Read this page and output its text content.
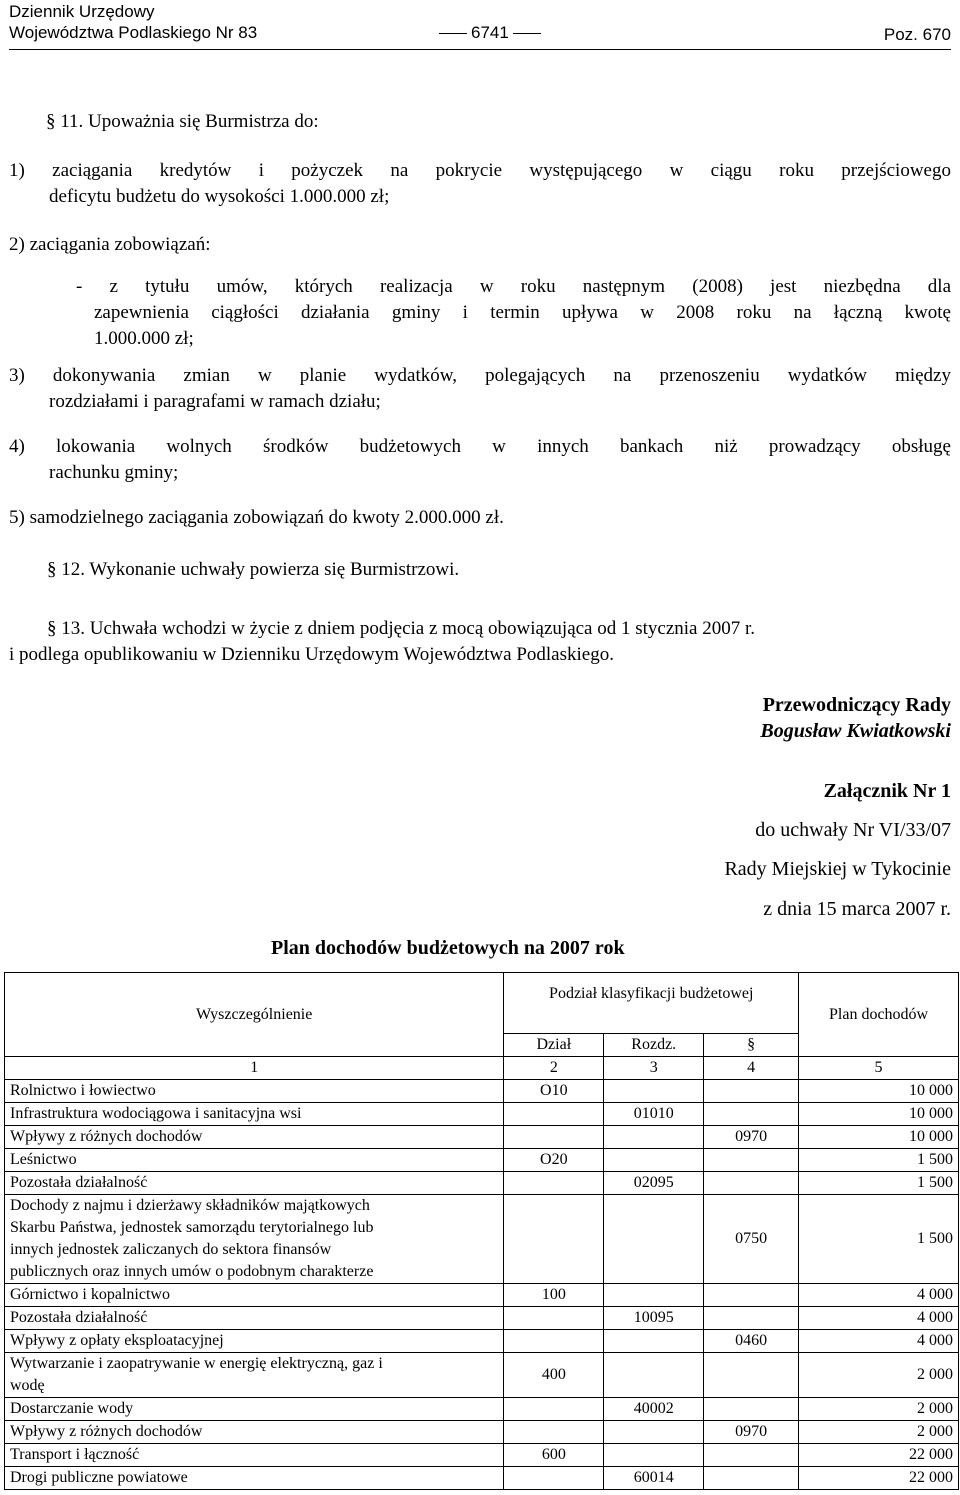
Dziennik Urzędowy
Województwa Podlaskiego Nr 83	6741	Poz. 670
§ 11. Upoważnia się Burmistrza do:
1) zaciągania kredytów i pożyczek na pokrycie występującego w ciągu roku przejściowego
deficytu budżetu do wysokości 1.000.000 zł;
2) zaciągania zobowiązań:
- z tytułu umów, których realizacja w roku następnym (2008) jest niezbędna dla
zapewnienia ciągłości działania gminy i termin upływa w 2008 roku na łączną kwotę
1.000.000 zł;
3) dokonywania zmian w planie wydatków, polegających na przenoszeniu wydatków między
rozdziałami i paragrafami w ramach działu;
4) lokowania wolnych środków budżetowych w innych bankach niż prowadzący obsługę
rachunku gminy;
5) samodzielnego zaciągania zobowiązań do kwoty 2.000.000 zł.
§ 12. Wykonanie uchwały powierza się Burmistrzowi.
§ 13. Uchwała wchodzi w życie z dniem podjęcia z mocą obowiązująca od 1 stycznia 2007 r.
i podlega opublikowaniu w Dzienniku Urzędowym Województwa Podlaskiego.
Przewodniczący Rady
Bogusław Kwiatkowski
Załącznik Nr 1
do uchwały Nr VI/33/07
Rady Miejskiej w Tykocinie
z dnia 15 marca 2007 r.
Plan dochodów budżetowych na 2007 rok
Wyszczególnienie	Podział klasyfikacji budżetowej			Plan dochodów
	Dział	Rozdz.	§	
1	2	3	4	5
Rolnictwo i łowiectwo	O10			10 000
Infrastruktura wodociągowa i sanitacyjna wsi		01010		10 000
Wpływy z różnych dochodów			0970	10 000
Leśnictwo	O20			1 500
Pozostała działalność		02095		1 500

Dochody z najmu i dzierżawy składników majątkowych
Skarbu Państwa, jednostek samorządu terytorialnego lub
innych jednostek zaliczanych do sektora finansów
publicznych oraz innych umów o podobnym charakterze			0750	1 500
Górnictwo i kopalnictwo	100			4 000
Pozostała działalność		10095		4 000
Wpływy z opłaty eksploatacyjnej			0460	4 000

Wytwarzanie i zaopatrywanie w energię elektryczną, gaz i
wodę	400			2 000
Dostarczanie wody		40002		2 000
Wpływy z różnych dochodów			0970	2 000
Transport i łączność	600			22 000
Drogi publiczne powiatowe		60014		22 000
